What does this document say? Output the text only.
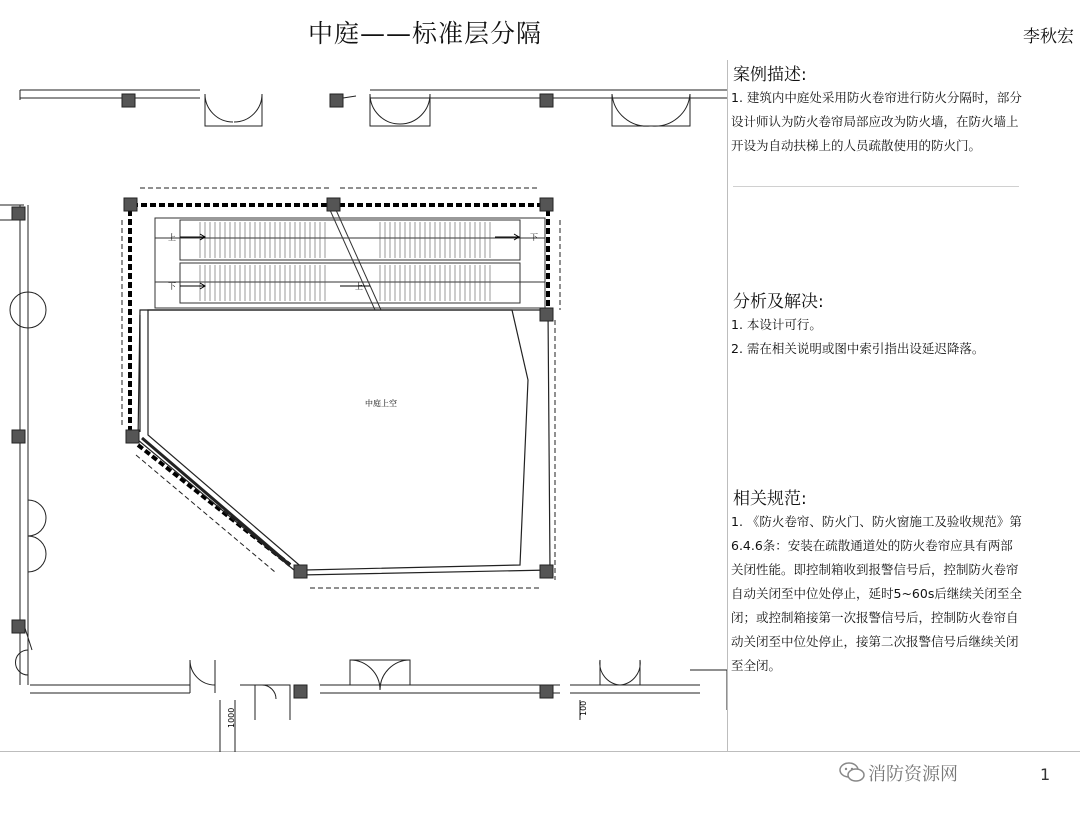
中庭——标准层分隔	李秋宏
中庭上空
上	下
下	上
1000	100
案例描述:

1. 建筑内中庭处采用防火卷帘进行防火分隔时，部分设计师认为防火卷帘局部应改为防火墙，在防火墙上开设为自动扶梯上的人员疏散使用的防火门。

分析及解决:

1. 本设计可行。

2. 需在相关说明或图中索引指出设延迟降落。

相关规范:

1. 《防火卷帘、防火门、防火窗施工及验收规范》第6.4.6条：安装在疏散通道处的防火卷帘应具有两部关闭性能。即控制箱收到报警信号后，控制防火卷帘自动关闭至中位处停止，延时5~60s后继续关闭至全闭；或控制箱接第一次报警信号后，控制防火卷帘自动关闭至中位处停止，接第二次报警信号后继续关闭至全闭。

消防资源网	1
